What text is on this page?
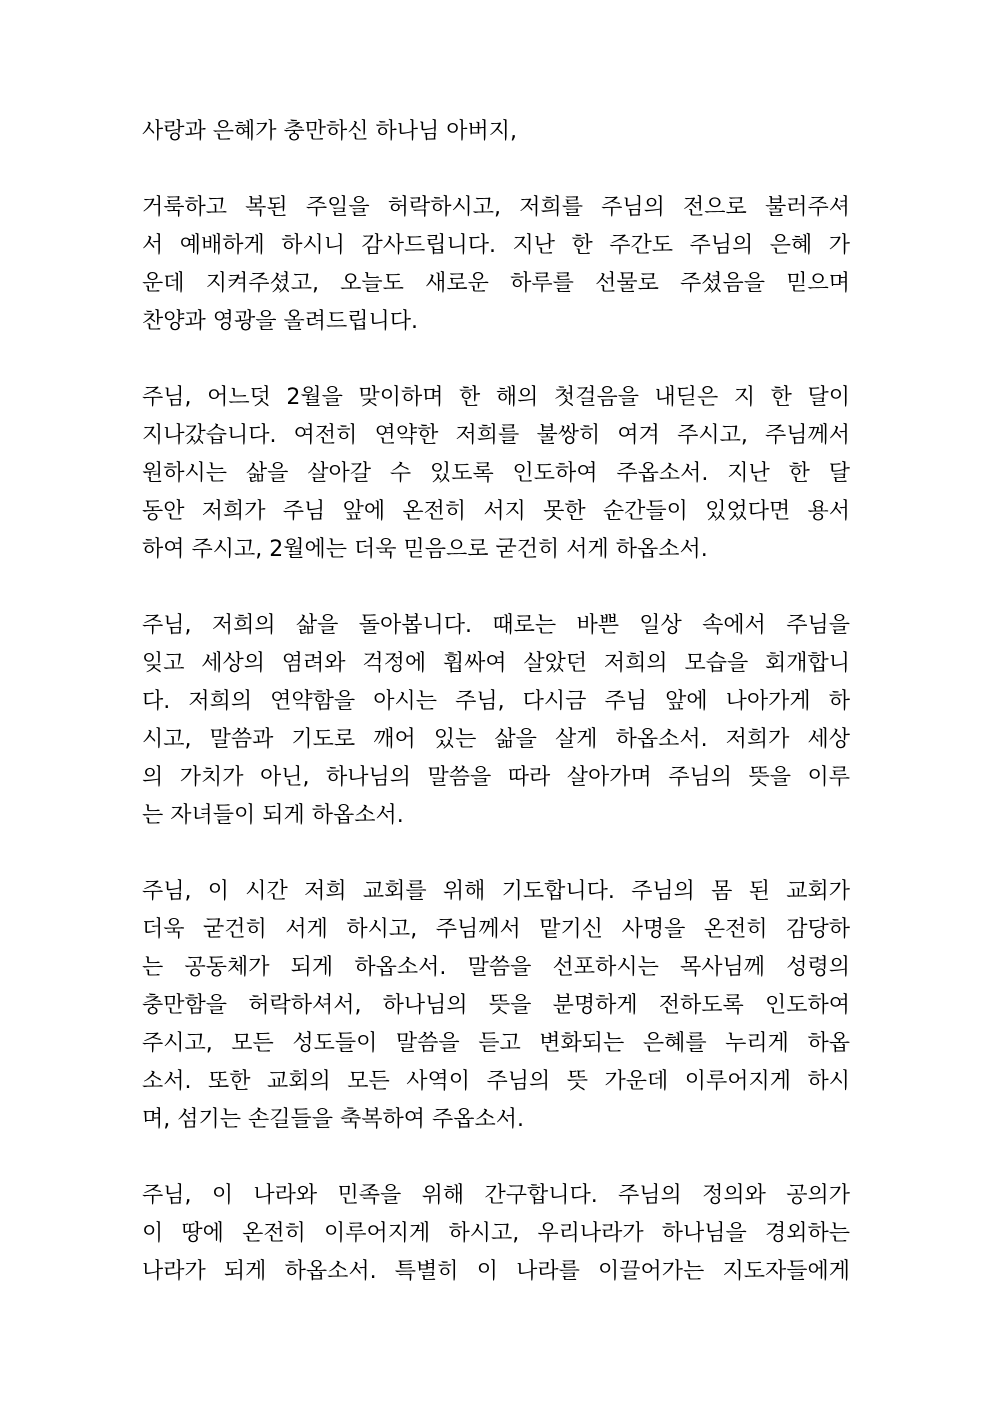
사랑과 은혜가 충만하신 하나님 아버지,
거룩하고 복된 주일을 허락하시고, 저희를 주님의 전으로 불러주셔
서 예배하게 하시니 감사드립니다. 지난 한 주간도 주님의 은혜 가
운데 지켜주셨고, 오늘도 새로운 하루를 선물로 주셨음을 믿으며
찬양과 영광을 올려드립니다.
주님, 어느덧 2월을 맞이하며 한 해의 첫걸음을 내딛은 지 한 달이
지나갔습니다. 여전히 연약한 저희를 불쌍히 여겨 주시고, 주님께서
원하시는 삶을 살아갈 수 있도록 인도하여 주옵소서. 지난 한 달
동안 저희가 주님 앞에 온전히 서지 못한 순간들이 있었다면 용서
하여 주시고, 2월에는 더욱 믿음으로 굳건히 서게 하옵소서.
주님, 저희의 삶을 돌아봅니다. 때로는 바쁜 일상 속에서 주님을
잊고 세상의 염려와 걱정에 휩싸여 살았던 저희의 모습을 회개합니
다. 저희의 연약함을 아시는 주님, 다시금 주님 앞에 나아가게 하
시고, 말씀과 기도로 깨어 있는 삶을 살게 하옵소서. 저희가 세상
의 가치가 아닌, 하나님의 말씀을 따라 살아가며 주님의 뜻을 이루
는 자녀들이 되게 하옵소서.
주님, 이 시간 저희 교회를 위해 기도합니다. 주님의 몸 된 교회가
더욱 굳건히 서게 하시고, 주님께서 맡기신 사명을 온전히 감당하
는 공동체가 되게 하옵소서. 말씀을 선포하시는 목사님께 성령의
충만함을 허락하셔서, 하나님의 뜻을 분명하게 전하도록 인도하여
주시고, 모든 성도들이 말씀을 듣고 변화되는 은혜를 누리게 하옵
소서. 또한 교회의 모든 사역이 주님의 뜻 가운데 이루어지게 하시
며, 섬기는 손길들을 축복하여 주옵소서.
주님, 이 나라와 민족을 위해 간구합니다. 주님의 정의와 공의가
이 땅에 온전히 이루어지게 하시고, 우리나라가 하나님을 경외하는
나라가 되게 하옵소서. 특별히 이 나라를 이끌어가는 지도자들에게
